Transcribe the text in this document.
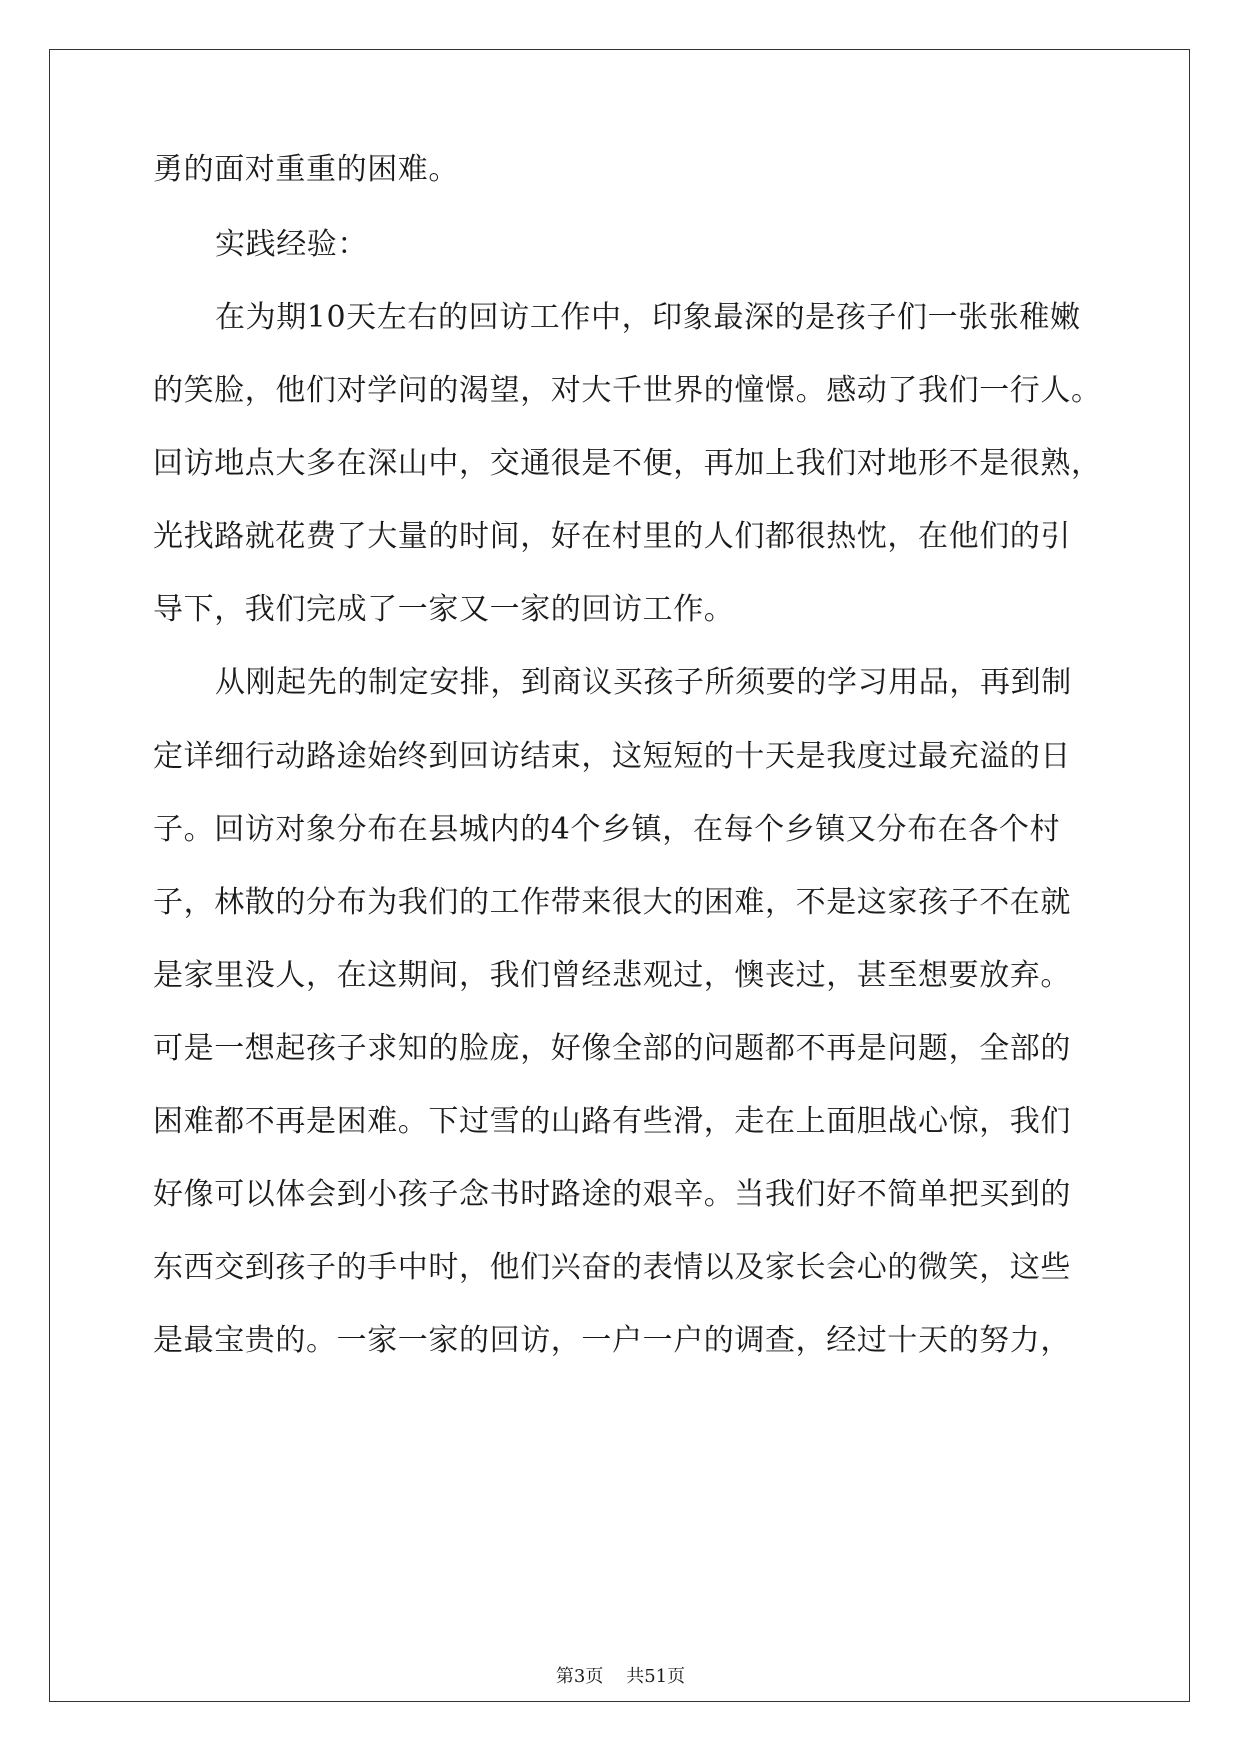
勇的面对重重的困难。
实践经验：
在为期10天左右的回访工作中，印象最深的是孩子们一张张稚嫩
的笑脸，他们对学问的渴望，对大千世界的憧憬。感动了我们一行人。
回访地点大多在深山中，交通很是不便，再加上我们对地形不是很熟，
光找路就花费了大量的时间，好在村里的人们都很热忱，在他们的引
导下，我们完成了一家又一家的回访工作。
从刚起先的制定安排，到商议买孩子所须要的学习用品，再到制
定详细行动路途始终到回访结束，这短短的十天是我度过最充溢的日
子。回访对象分布在县城内的4个乡镇，在每个乡镇又分布在各个村
子，林散的分布为我们的工作带来很大的困难，不是这家孩子不在就
是家里没人，在这期间，我们曾经悲观过，懊丧过，甚至想要放弃。
可是一想起孩子求知的脸庞，好像全部的问题都不再是问题，全部的
困难都不再是困难。下过雪的山路有些滑，走在上面胆战心惊，我们
好像可以体会到小孩子念书时路途的艰辛。当我们好不简单把买到的
东西交到孩子的手中时，他们兴奋的表情以及家长会心的微笑，这些
是最宝贵的。一家一家的回访，一户一户的调查，经过十天的努力，
第3页 共51页
